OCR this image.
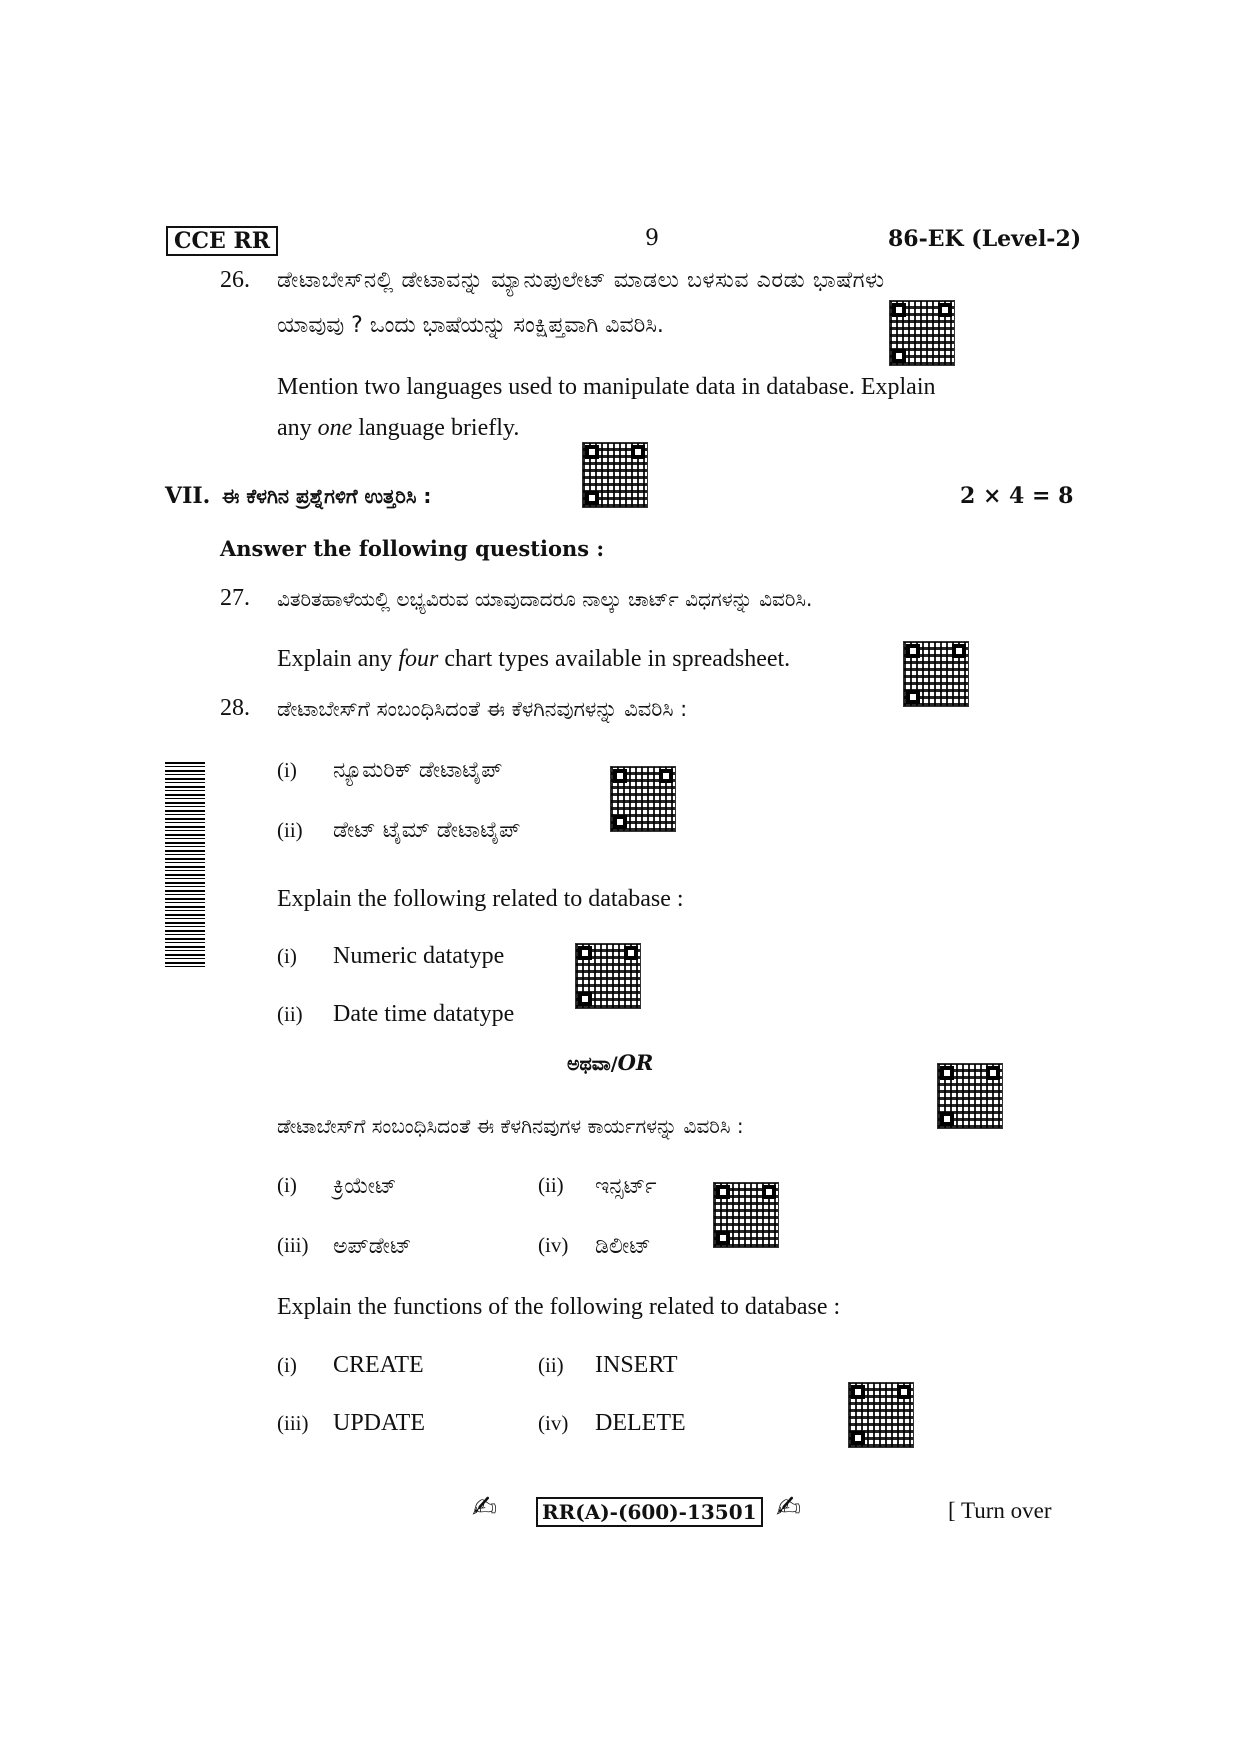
CCE RR	9	86-EK (Level-2)
26. ಡೇಟಾಬೇಸ್‌ನಲ್ಲಿ ಡೇಟಾವನ್ನು ಮ್ಯಾನುಪುಲೇಟ್ ಮಾಡಲು ಬಳಸುವ ಎರಡು ಭಾಷೆಗಳು
ಯಾವುವು ? ಒಂದು ಭಾಷೆಯನ್ನು ಸಂಕ್ಷಿಪ್ತವಾಗಿ ವಿವರಿಸಿ.
Mention two languages used to manipulate data in database. Explain
any one language briefly.
VII. ಈ ಕೆಳಗಿನ ಪ್ರಶ್ನೆಗಳಿಗೆ ಉತ್ತರಿಸಿ :	2 × 4 = 8
Answer the following questions :
27. ವಿತರಿತಹಾಳೆಯಲ್ಲಿ ಲಭ್ಯವಿರುವ ಯಾವುದಾದರೂ ನಾಲ್ಕು ಚಾರ್ಟ್ ವಿಧಗಳನ್ನು ವಿವರಿಸಿ.
Explain any four chart types available in spreadsheet.
28. ಡೇಟಾಬೇಸ್‌ಗೆ ಸಂಬಂಧಿಸಿದಂತೆ ಈ ಕೆಳಗಿನವುಗಳನ್ನು ವಿವರಿಸಿ :
(i) ನ್ಯೂಮರಿಕ್ ಡೇಟಾಟೈಪ್
(ii) ಡೇಟ್ ಟೈಮ್ ಡೇಟಾಟೈಪ್
Explain the following related to database :
(i) Numeric datatype
(ii) Date time datatype
ಅಥವಾ/OR
ಡೇಟಾಬೇಸ್‌ಗೆ ಸಂಬಂಧಿಸಿದಂತೆ ಈ ಕೆಳಗಿನವುಗಳ ಕಾರ್ಯಗಳನ್ನು ವಿವರಿಸಿ :
(i) ಕ್ರಿಯೇಟ್	(ii) ಇನ್ಸರ್ಟ್
(iii) ಅಪ್‌ಡೇಟ್	(iv) ಡಿಲೀಟ್
Explain the functions of the following related to database :
(i) CREATE	(ii) INSERT
(iii) UPDATE	(iv) DELETE
✍	RR(A)-(600)-13501 ✍	[ Turn over
